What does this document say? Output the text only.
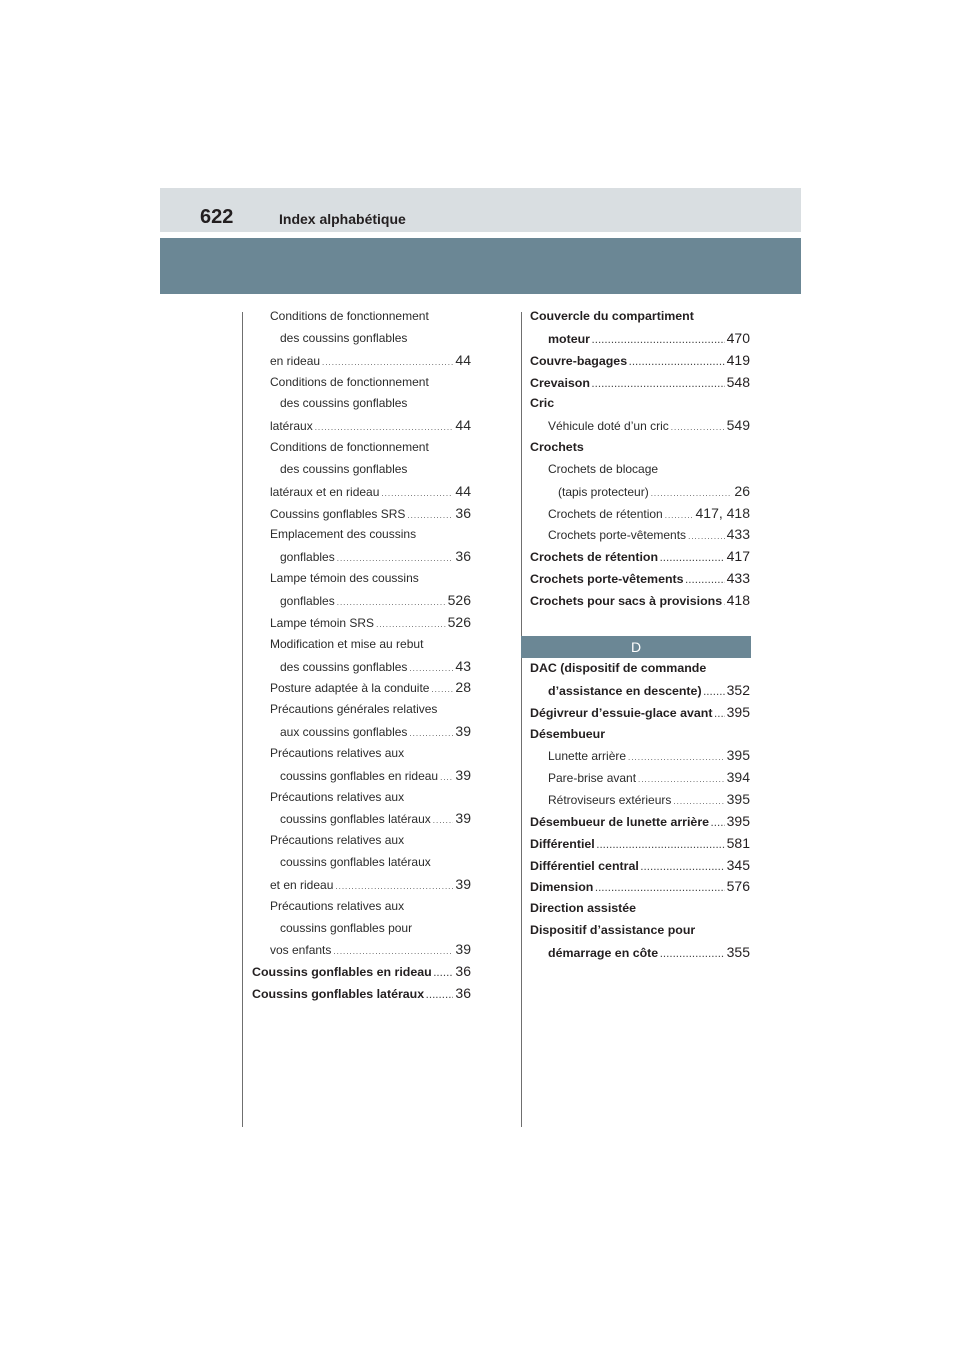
622	Index alphabétique
Conditions de fonctionnement
des coussins gonflables
en rideau .....	44
Conditions de fonctionnement
des coussins gonflables
latéraux .....	44
Conditions de fonctionnement
des coussins gonflables
latéraux et en rideau .....	44
Coussins gonflables SRS .....	36
Emplacement des coussins
gonflables .....	36
Lampe témoin des coussins
gonflables .....	526
Lampe témoin SRS .....	526
Modification et mise au rebut
des coussins gonflables .....	43
Posture adaptée à la conduite ..... 28
Précautions générales relatives
aux coussins gonflables .....	39
Précautions relatives aux
coussins gonflables en rideau ..... 39
Précautions relatives aux
coussins gonflables latéraux ..... 39
Précautions relatives aux
coussins gonflables latéraux
et en rideau .....	39
Précautions relatives aux
coussins gonflables pour
vos enfants .....	39
Coussins gonflables en rideau ..... 36
Coussins gonflables latéraux ..... 36
Couvercle du compartiment
moteur .....	470
Couvre-bagages .....	419
Crevaison .....	548
Cric
Véhicule doté d’un cric .....	549
Crochets
Crochets de blocage
(tapis protecteur) .....	26
Crochets de rétention ..... 417, 418
Crochets porte-vêtements .....	433
Crochets de rétention .....	417
Crochets porte-vêtements .....	433
Crochets pour sacs à provisions ..... 418
D
DAC (dispositif de commande
d’assistance en descente) ..... 352
Dégivreur d’essuie-glace avant ..... 395
Désembueur
Lunette arrière .....	395
Pare-brise avant .....	394
Rétroviseurs extérieurs .....	395
Désembueur de lunette arrière ..... 395
Différentiel .....	581
Différentiel central .....	345
Dimension .....	576
Direction assistée
Dispositif d’assistance pour
démarrage en côte .....	355
